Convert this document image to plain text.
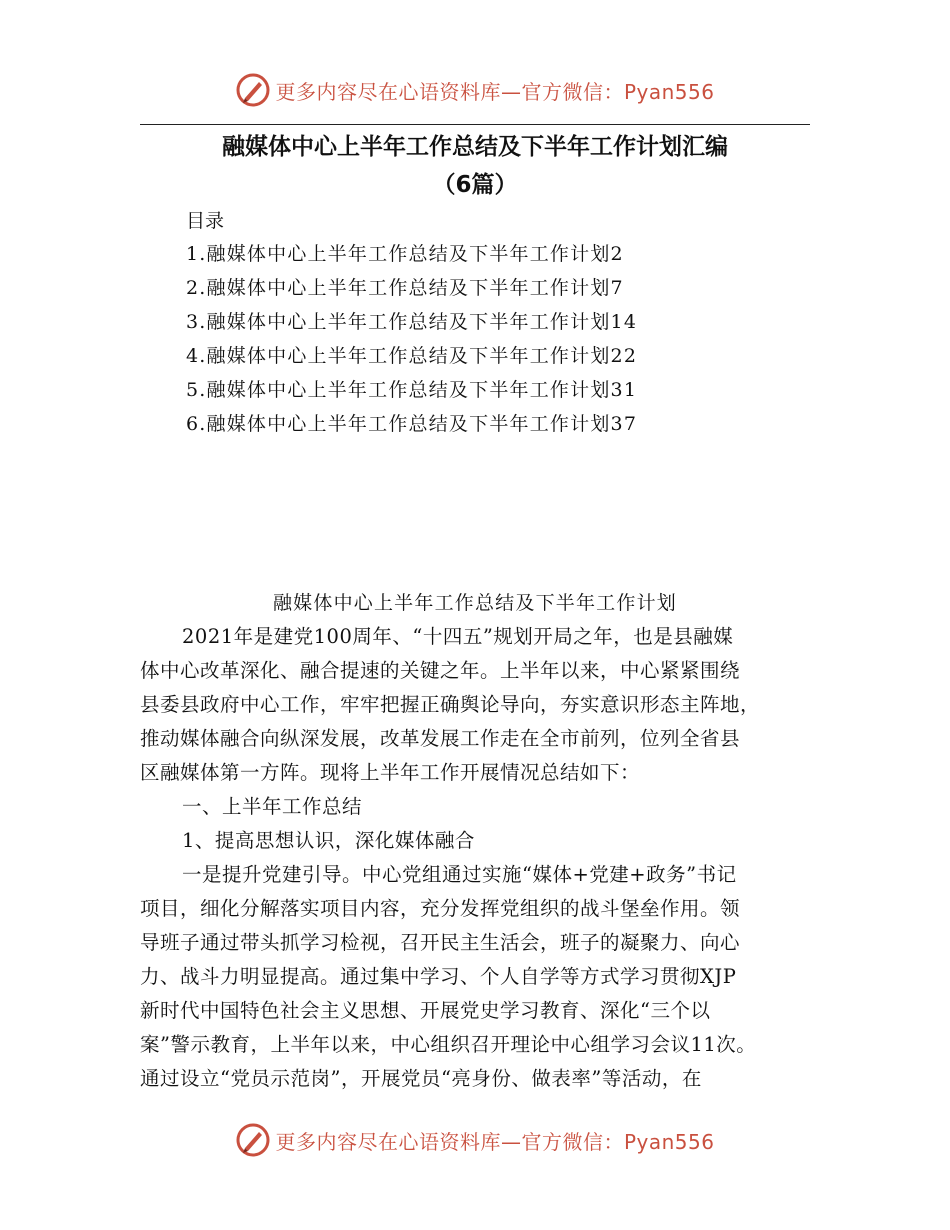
更多内容尽在心语资料库—官方微信：Pyan556
融媒体中心上半年工作总结及下半年工作计划汇编
（6篇）
目录
1.融媒体中心上半年工作总结及下半年工作计划2
2.融媒体中心上半年工作总结及下半年工作计划7
3.融媒体中心上半年工作总结及下半年工作计划14
4.融媒体中心上半年工作总结及下半年工作计划22
5.融媒体中心上半年工作总结及下半年工作计划31
6.融媒体中心上半年工作总结及下半年工作计划37
融媒体中心上半年工作总结及下半年工作计划
2021年是建党100周年、“十四五”规划开局之年，也是县融媒
体中心改革深化、融合提速的关键之年。上半年以来，中心紧紧围绕
县委县政府中心工作，牢牢把握正确舆论导向，夯实意识形态主阵地，
推动媒体融合向纵深发展，改革发展工作走在全市前列，位列全省县
区融媒体第一方阵。现将上半年工作开展情况总结如下：
一、上半年工作总结
1、提高思想认识，深化媒体融合
一是提升党建引导。中心党组通过实施“媒体+党建+政务”书记
项目，细化分解落实项目内容，充分发挥党组织的战斗堡垒作用。领
导班子通过带头抓学习检视，召开民主生活会，班子的凝聚力、向心
力、战斗力明显提高。通过集中学习、个人自学等方式学习贯彻XJP
新时代中国特色社会主义思想、开展党史学习教育、深化“三个以
案”警示教育，上半年以来，中心组织召开理论中心组学习会议11次。
通过设立“党员示范岗”，开展党员“亮身份、做表率”等活动，在
更多内容尽在心语资料库—官方微信：Pyan556
